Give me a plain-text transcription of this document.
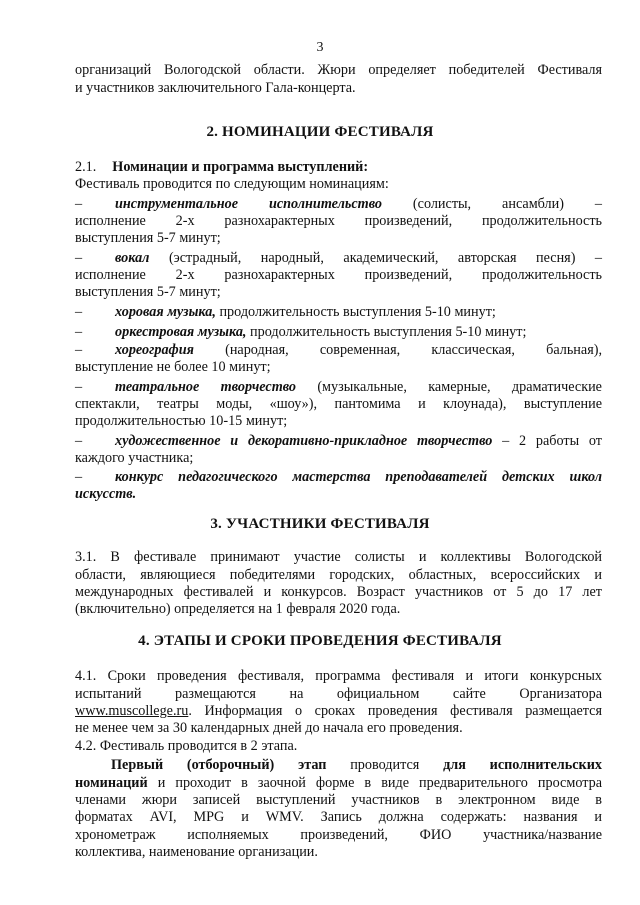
3
организаций Вологодской области. Жюри определяет победителей Фестиваля
и участников заключительного Гала-концерта.
2. НОМИНАЦИИ ФЕСТИВАЛЯ
2.1. Номинации и программа выступлений:
Фестиваль проводится по следующим номинациям:
– инструментальное исполнительство (солисты, ансамбли) –
исполнение 2-х разнохарактерных произведений, продолжительность
выступления 5-7 минут;
– вокал (эстрадный, народный, академический, авторская песня) –
исполнение 2-х разнохарактерных произведений, продолжительность
выступления 5-7 минут;
– хоровая музыка, продолжительность выступления 5-10 минут;
– оркестровая музыка, продолжительность выступления 5-10 минут;
– хореография (народная, современная, классическая, бальная),
выступление не более 10 минут;
– театральное творчество (музыкальные, камерные, драматические
спектакли, театры моды, «шоу»), пантомима и клоунада), выступление
продолжительностью 10-15 минут;
– художественное и декоративно-прикладное творчество – 2 работы от
каждого участника;
– конкурс педагогического мастерства преподавателей детских школ
искусств.
3. УЧАСТНИКИ ФЕСТИВАЛЯ
3.1. В фестивале принимают участие солисты и коллективы Вологодской
области, являющиеся победителями городских, областных, всероссийских и
международных фестивалей и конкурсов. Возраст участников от 5 до 17 лет
(включительно) определяется на 1 февраля 2020 года.
4. ЭТАПЫ И СРОКИ ПРОВЕДЕНИЯ ФЕСТИВАЛЯ
4.1. Сроки проведения фестиваля, программа фестиваля и итоги конкурсных
испытаний размещаются на официальном сайте Организатора
www.muscollege.ru. Информация о сроках проведения фестиваля размещается
не менее чем за 30 календарных дней до начала его проведения.
4.2. Фестиваль проводится в 2 этапа.
Первый (отборочный) этап проводится для исполнительских
номинаций и проходит в заочной форме в виде предварительного просмотра
членами жюри записей выступлений участников в электронном виде в
форматах AVI, MPG и WMV. Запись должна содержать: названия и
хронометраж исполняемых произведений, ФИО участника/название
коллектива, наименование организации.
